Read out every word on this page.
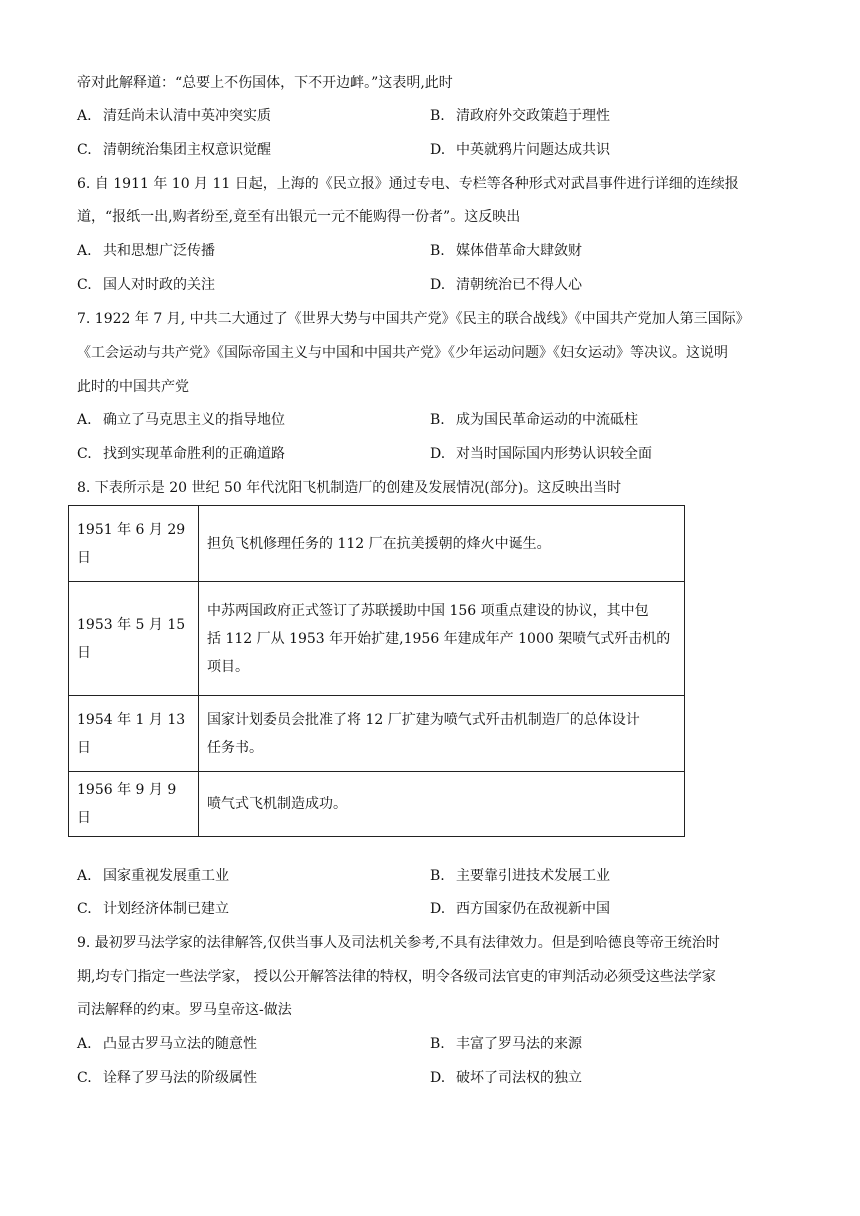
帝对此解释道：“总要上不伤国体，下不开边衅。”这表明,此时
A. 清廷尚未认清中英冲突实质	B. 清政府外交政策趋于理性
C. 清朝统治集团主权意识觉醒	D. 中英就鸦片问题达成共识
6. 自 1911 年 10 月 11 日起，上海的《民立报》通过专电、专栏等各种形式对武昌事件进行详细的连续报
道，“报纸一出,购者纷至,竟至有出银元一元不能购得一份者”。这反映出
A. 共和思想广泛传播	B. 媒体借革命大肆敛财
C. 国人对时政的关注	D. 清朝统治已不得人心
7. 1922 年 7 月, 中共二大通过了《世界大势与中国共产党》《民主的联合战线》《中国共产党加人第三国际》
《工会运动与共产党》《国际帝国主义与中国和中国共产党》《少年运动问题》《妇女运动》等决议。这说明
此时的中国共产党
A. 确立了马克思主义的指导地位	B. 成为国民革命运动的中流砥柱
C. 找到实现革命胜利的正确道路	D. 对当时国际国内形势认识较全面
8. 下表所示是 20 世纪 50 年代沈阳飞机制造厂的创建及发展情况(部分)。这反映出当时
1951 年 6 月 29
日	担负飞机修理任务的 112 厂在抗美援朝的烽火中诞生。
1953 年 5 月 15
日	中苏两国政府正式签订了苏联援助中国 156 项重点建设的协议，其中包
括 112 厂从 1953 年开始扩建,1956 年建成年产 1000 架喷气式歼击机的
项目。
1954 年 1 月 13
日	国家计划委员会批准了将 12 厂扩建为喷气式歼击机制造厂的总体设计
任务书。
1956 年 9 月 9 日	喷气式飞机制造成功。
A. 国家重视发展重工业	B. 主要靠引进技术发展工业
C. 计划经济体制已建立	D. 西方国家仍在敌视新中国
9. 最初罗马法学家的法律解答,仅供当事人及司法机关参考,不具有法律效力。但是到哈德良等帝王统治时
期,均专门指定一些法学家， 授以公开解答法律的特权，明令各级司法官吏的审判活动必须受这些法学家
司法解释的约束。罗马皇帝这-做法
A. 凸显古罗马立法的随意性	B. 丰富了罗马法的来源
C. 诠释了罗马法的阶级属性	D. 破坏了司法权的独立
